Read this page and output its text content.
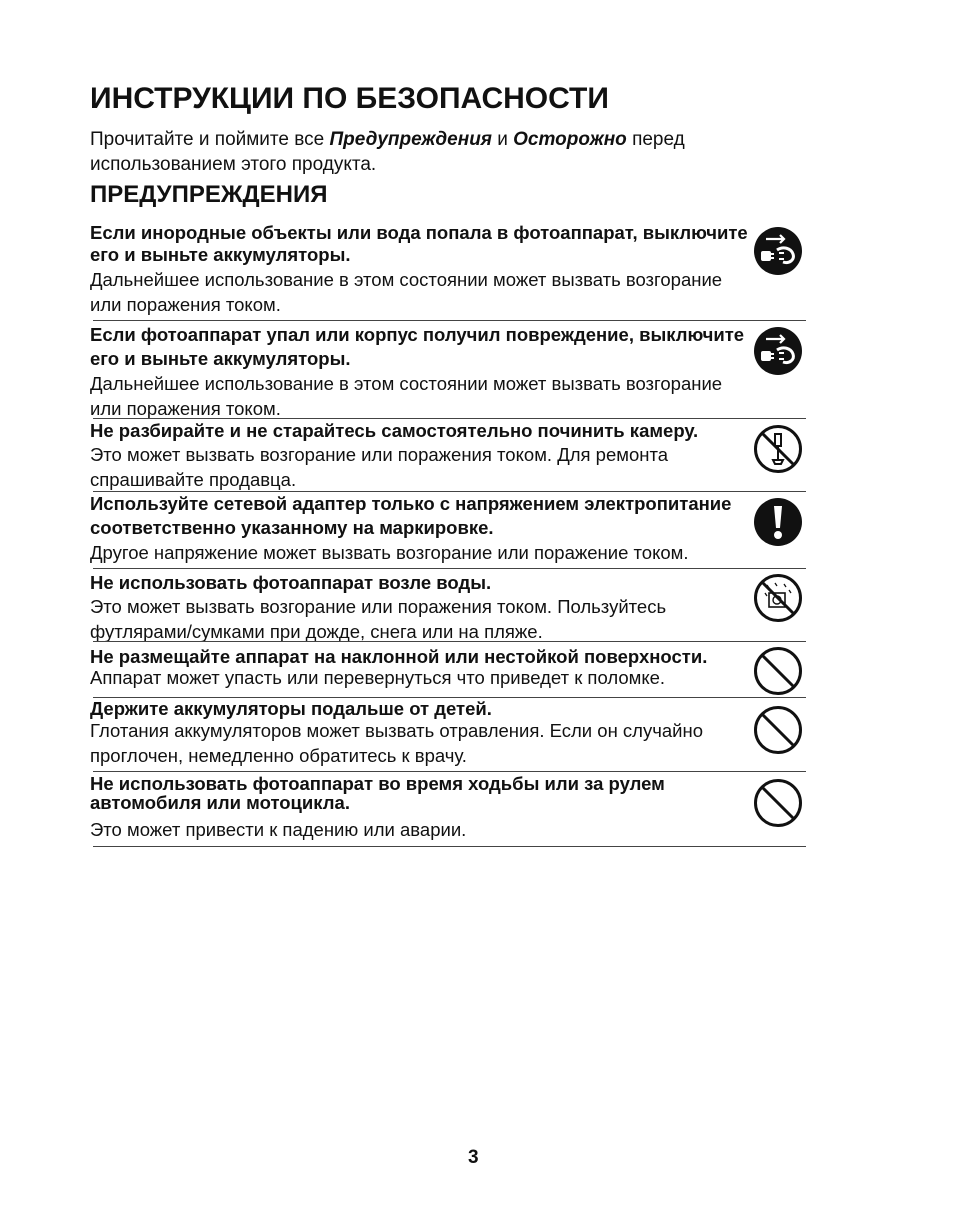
ИНСТРУКЦИИ ПО БЕЗОПАСНОСТИ

Прочитайте и поймите все Предупреждения и Осторожно перед использованием этого продукта.

ПРЕДУПРЕЖДЕНИЯ

Если инородные объекты или вода попала в фотоаппарат, выключите его и выньте аккумуляторы.

Дальнейшее использование в этом состоянии может вызвать возгорание или поражения током.

Если фотоаппарат упал или корпус получил повреждение, выключите его и выньте аккумуляторы.

Дальнейшее использование в этом состоянии может вызвать возгорание или поражения током.

Не разбирайте и не старайтесь самостоятельно починить камеру.

Это может вызвать возгорание или поражения током. Для ремонта спрашивайте продавца.

Используйте сетевой адаптер только с напряжением электропитание соответственно указанному на маркировке.

Другое напряжение может вызвать возгорание или поражение током.

Не использовать фотоаппарат возле воды.

Это может вызвать возгорание или поражения током. Пользуйтесь футлярами/сумками при дожде, снега или на пляже.

Не размещайте аппарат на наклонной или нестойкой поверхности.

Аппарат может упасть или перевернуться что приведет к поломке.

Держите аккумуляторы подальше от детей.

Глотания аккумуляторов может вызвать отравления. Если он случайно проглочен, немедленно обратитесь к врачу.

Не использовать фотоаппарат во время ходьбы или за рулем автомобиля или мотоцикла.

Это может привести к падению или аварии.

3
